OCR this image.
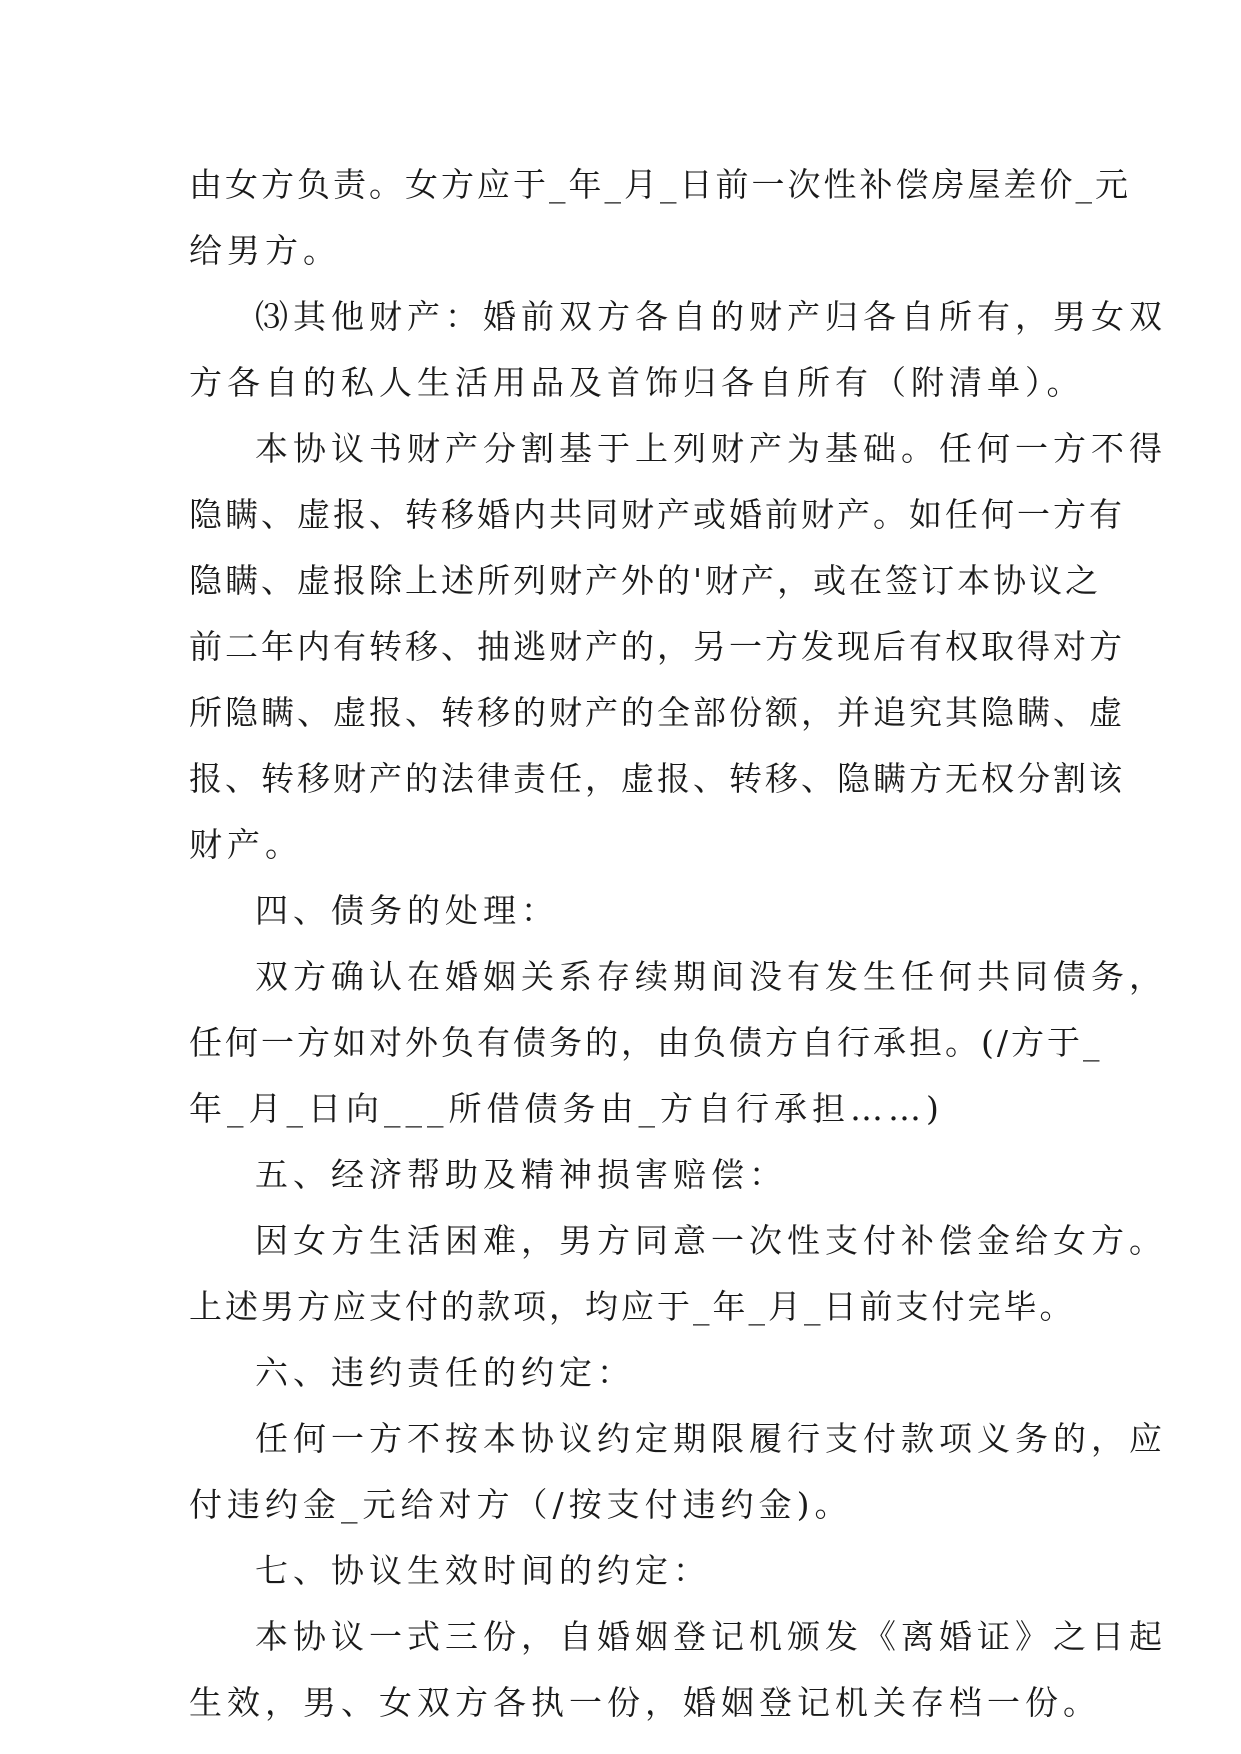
由女方负责。女方应于_年_月_日前一次性补偿房屋差价_元
给男方。
⑶其他财产：婚前双方各自的财产归各自所有，男女双
方各自的私人生活用品及首饰归各自所有（附清单）。
本协议书财产分割基于上列财产为基础。任何一方不得
隐瞒、虚报、转移婚内共同财产或婚前财产。如任何一方有
隐瞒、虚报除上述所列财产外的'财产，或在签订本协议之
前二年内有转移、抽逃财产的，另一方发现后有权取得对方
所隐瞒、虚报、转移的财产的全部份额，并追究其隐瞒、虚
报、转移财产的法律责任，虚报、转移、隐瞒方无权分割该
财产。
四、债务的处理：
双方确认在婚姻关系存续期间没有发生任何共同债务，
任何一方如对外负有债务的，由负债方自行承担。(/方于_
年_月_日向___所借债务由_方自行承担……)
五、经济帮助及精神损害赔偿：
因女方生活困难，男方同意一次性支付补偿金给女方。
上述男方应支付的款项，均应于_年_月_日前支付完毕。
六、违约责任的约定：
任何一方不按本协议约定期限履行支付款项义务的，应
付违约金_元给对方（/按支付违约金)。
七、协议生效时间的约定：
本协议一式三份，自婚姻登记机颁发《离婚证》之日起
生效，男、女双方各执一份，婚姻登记机关存档一份。
